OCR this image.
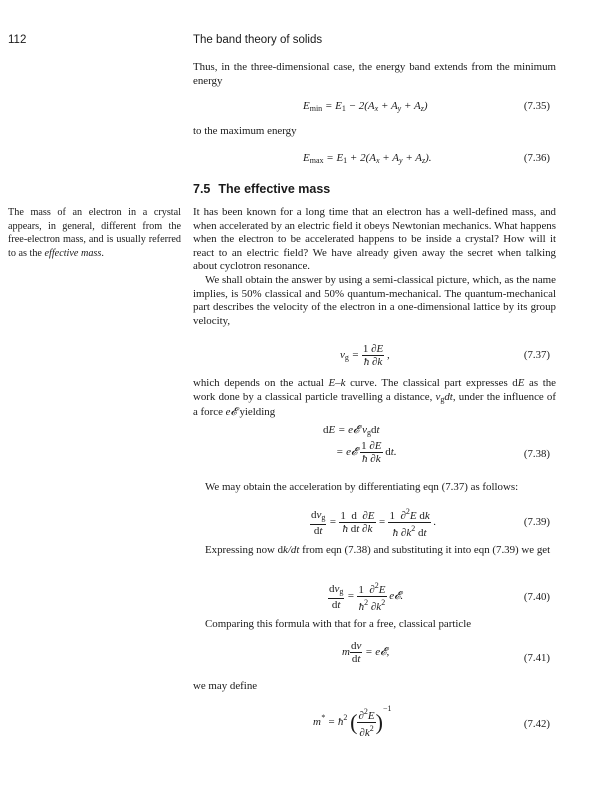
112	The band theory of solids

Thus, in the three-dimensional case, the energy band extends from the minimum energy

$E_{min} = E_1 - 2(A_x + A_y + A_z)$	(7.35)

to the maximum energy

$E_{max} = E_1 + 2(A_x + A_y + A_z)$.	(7.36)
7.5 The effective mass

The mass of an electron in a crystal appears, in general, different from the free-electron mass, and is usually referred to as the effective mass.

It has been known for a long time that an electron has a well-defined mass, and when accelerated by an electric field it obeys Newtonian mechanics. What happens when the electron to be accelerated happens to be inside a crystal? How will it react to an electric field? We have already given away the secret when talking about cyclotron resonance.

We shall obtain the answer by using a semi-classical picture, which, as the name implies, is 50% classical and 50% quantum-mechanical. The quantum-mechanical part describes the velocity of the electron in a one-dimensional lattice by its group velocity,

$v_g = \frac{1 \partial E}{ħ \partial k}$ ,	(7.37)

which depends on the actual E–k curve. The classical part expresses dE as the work done by a classical particle travelling a distance, $v_gdt$, under the influence of a force e𝓔 yielding

dE = e𝓔 $v_gdt$
= e𝓔 $\frac{1 \partial E}{ħ \partial k}$ dt.	(7.38)

We may obtain the acceleration by differentiating eqn (7.37) as follows:

$\frac{dv_g}{dt} = \frac{1 d \partial E}{\text{ħ dt ∂k}} = \frac{1 \partial^2E dk}{ħ \partial k^2 dt}$ .	(7.39)

Expressing now dk/dt from eqn (7.38) and substituting it into eqn (7.39) we get

$\frac{dv_g}{dt} = \frac{1 \partial^2E}{ħ^2 \partial k^2}$ e𝓔.	(7.40)

Comparing this formula with that for a free, classical particle

m $\frac{dv}{dt}$ = e𝓔,	(7.41)

we may define

$m^* = ħ^2$ ( $\frac{\partial^2E}{\partial k^2} )^{-1}$
(7.42)
